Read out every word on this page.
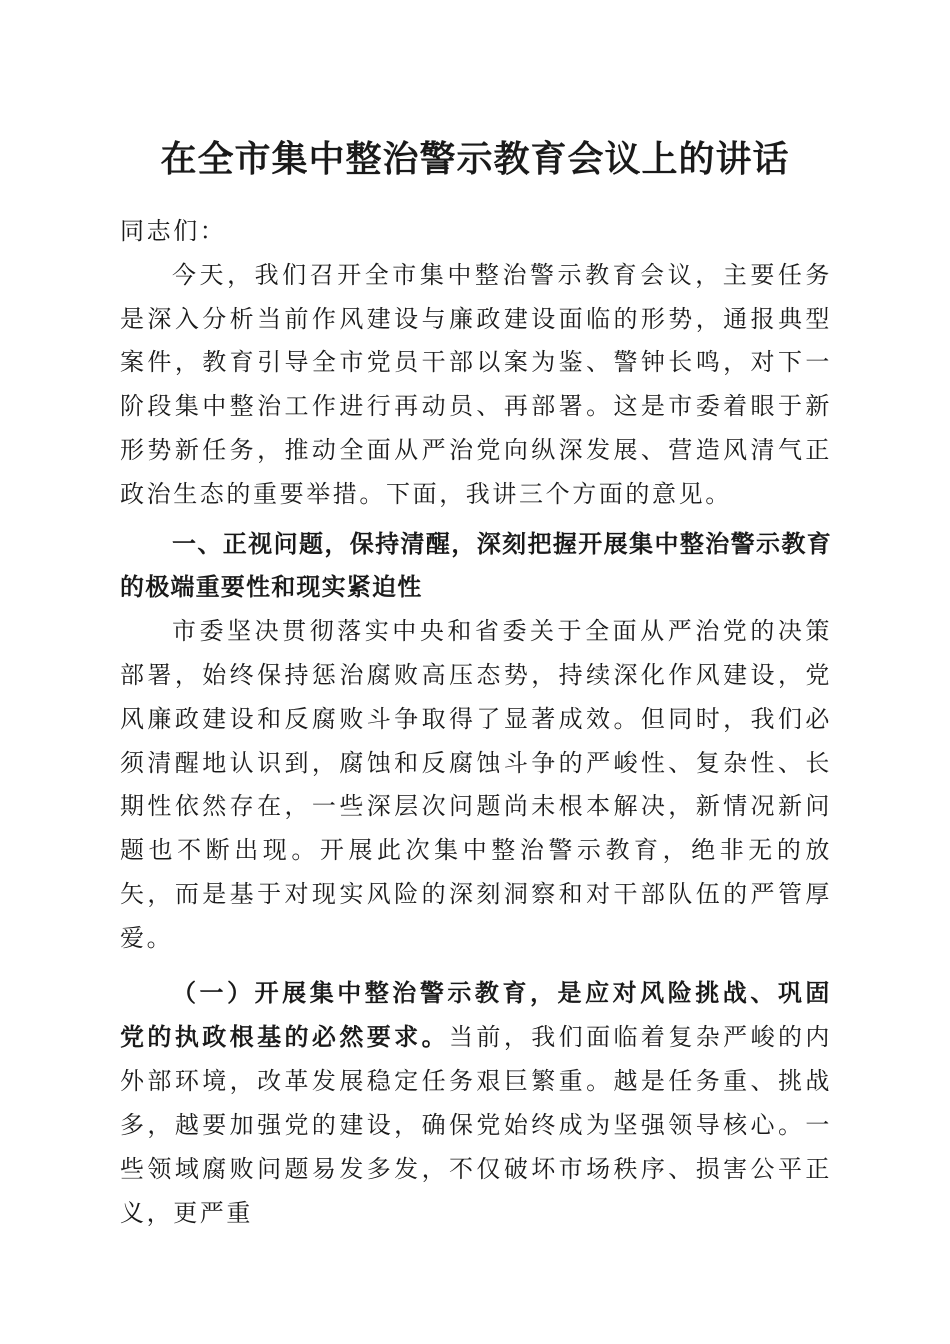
在全市集中整治警示教育会议上的讲话

同志们：

今天，我们召开全市集中整治警示教育会议，主要任务是深入分析当前作风建设与廉政建设面临的形势，通报典型案件，教育引导全市党员干部以案为鉴、警钟长鸣，对下一阶段集中整治工作进行再动员、再部署。这是市委着眼于新形势新任务，推动全面从严治党向纵深发展、营造风清气正政治生态的重要举措。下面，我讲三个方面的意见。

一、正视问题，保持清醒，深刻把握开展集中整治警示教育的极端重要性和现实紧迫性

市委坚决贯彻落实中央和省委关于全面从严治党的决策部署，始终保持惩治腐败高压态势，持续深化作风建设，党风廉政建设和反腐败斗争取得了显著成效。但同时，我们必须清醒地认识到，腐蚀和反腐蚀斗争的严峻性、复杂性、长期性依然存在，一些深层次问题尚未根本解决，新情况新问题也不断出现。开展此次集中整治警示教育，绝非无的放矢，而是基于对现实风险的深刻洞察和对干部队伍的严管厚爱。

（一）开展集中整治警示教育，是应对风险挑战、巩固党的执政根基的必然要求。当前，我们面临着复杂严峻的内外部环境，改革发展稳定任务艰巨繁重。越是任务重、挑战多，越要加强党的建设，确保党始终成为坚强领导核心。一些领域腐败问题易发多发，不仅破坏市场秩序、损害公平正义，更严重
